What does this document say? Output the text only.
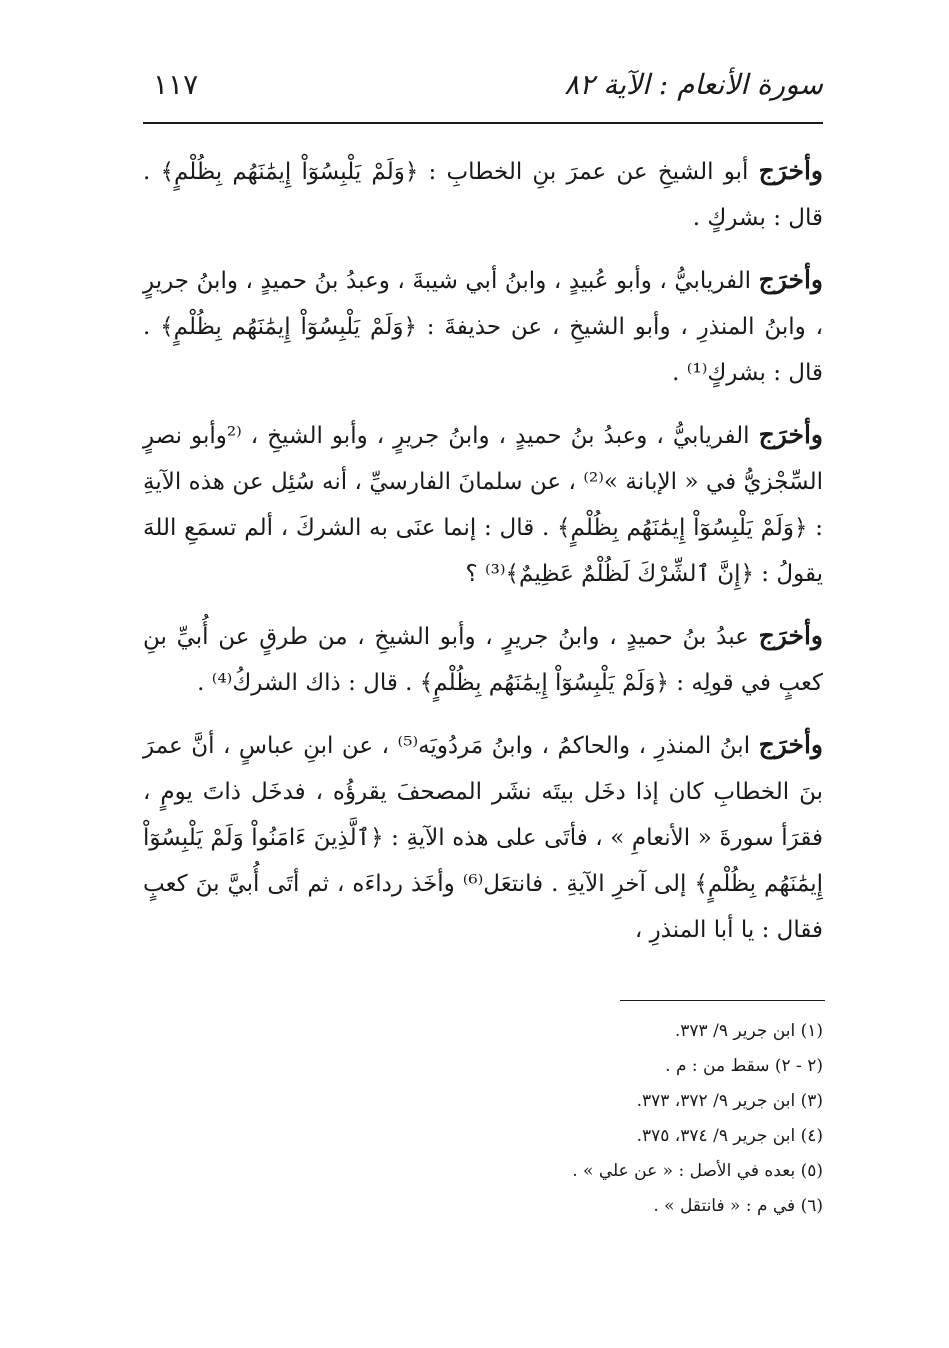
سورة الأنعام : الآية ٨٢
١١٧

وأخرَج أبو الشيخِ عن عمرَ بنِ الخطابِ : ﴿وَلَمْ يَلْبِسُوٓاْ إِيمَٰنَهُم بِظُلْمٍ﴾ . قال : بشركٍ .

وأخرَج الفريابيُّ ، وأبو عُبيدٍ ، وابنُ أبي شيبةَ ، وعبدُ بنُ حميدٍ ، وابنُ جريرٍ ، وابنُ المنذرِ ، وأبو الشيخِ ، عن حذيفةَ : ﴿وَلَمْ يَلْبِسُوٓاْ إِيمَٰنَهُم بِظُلْمٍ﴾ . قال : بشركٍ⁽¹⁾ .

وأخرَج الفريابيُّ ، وعبدُ بنُ حميدٍ ، وابنُ جريرٍ ، وأبو الشيخِ ، ⁽²وأبو نصرٍ السِّجْزيُّ في « الإبانة »⁽²⁾ ، عن سلمانَ الفارسيِّ ، أنه سُئِل عن هذه الآيةِ : ﴿وَلَمْ يَلْبِسُوٓاْ إِيمَٰنَهُم بِظُلْمٍ﴾ . قال : إنما عنَى به الشركَ ، ألم تسمَعِ اللهَ يقولُ : ﴿إِنَّ ٱلشِّرْكَ لَظُلْمٌ عَظِيمٌ﴾⁽³⁾ ؟

وأخرَج عبدُ بنُ حميدٍ ، وابنُ جريرٍ ، وأبو الشيخِ ، من طرقٍ عن أُبيِّ بنِ كعبٍ في قولِه : ﴿وَلَمْ يَلْبِسُوٓاْ إِيمَٰنَهُم بِظُلْمٍ﴾ . قال : ذاك الشركُ⁽⁴⁾ .

وأخرَج ابنُ المنذرِ ، والحاكمُ ، وابنُ مَردُويَه⁽⁵⁾ ، عن ابنِ عباسٍ ، أنَّ عمرَ بنَ الخطابِ كان إذا دخَل بيتَه نشَر المصحفَ يقرؤُه ، فدخَل ذاتَ يومٍ ، فقرَأ سورةَ « الأنعامِ » ، فأتَى على هذه الآيةِ : ﴿ٱلَّذِينَ ءَامَنُواْ وَلَمْ يَلْبِسُوٓاْ إِيمَٰنَهُم بِظُلْمٍ﴾ إلى آخرِ الآيةِ . فانتعَل⁽⁶⁾ وأخَذ رداءَه ، ثم أتَى أُبيَّ بنَ كعبٍ فقال : يا أبا المنذرِ ،

(١) ابن جرير ٩/ ٣٧٣.

(٢ - ٢) سقط من : م .

(٣) ابن جرير ٩/ ٣٧٢، ٣٧٣.

(٤) ابن جرير ٩/ ٣٧٤، ٣٧٥.

(٥) بعده في الأصل : « عن علي » .

(٦) في م : « فانتقل » .
